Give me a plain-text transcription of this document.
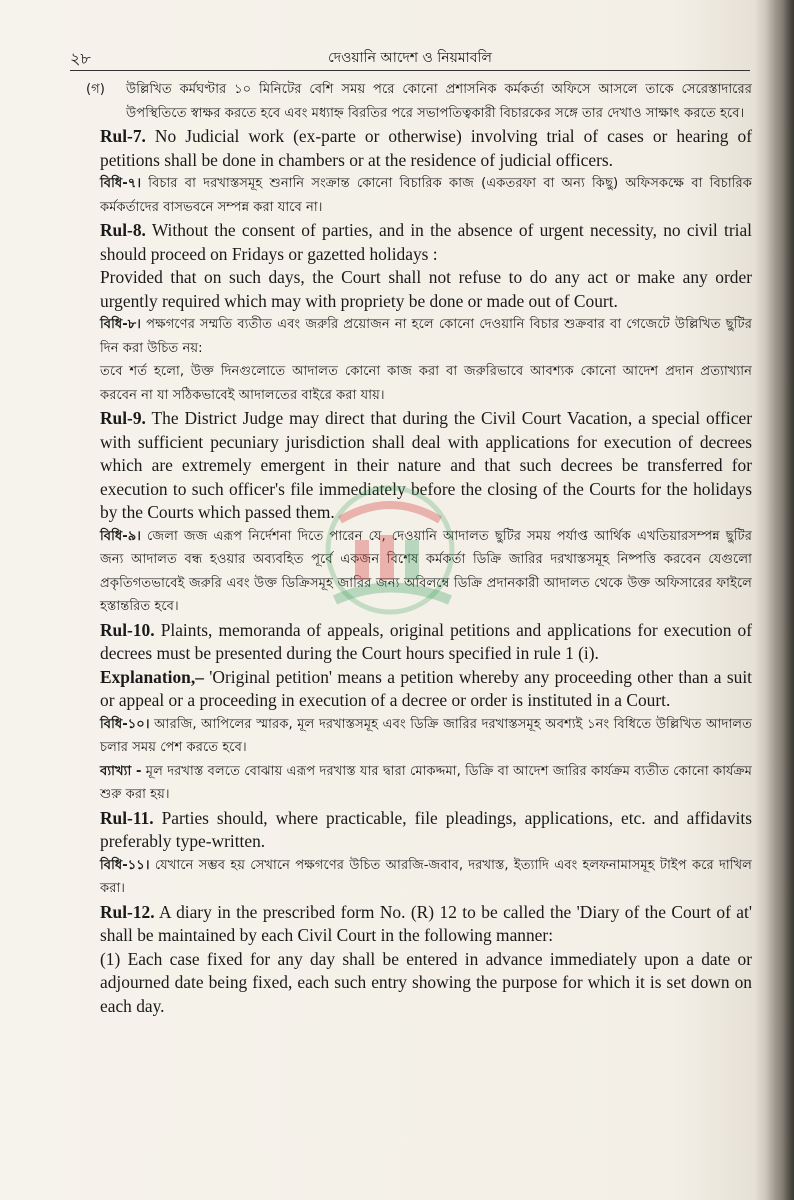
২৮	দেওয়ানি আদেশ ও নিয়মাবলি
(গ)	উল্লিখিত কর্মঘণ্টার ১০ মিনিটের বেশি সময় পরে কোনো প্রশাসনিক কর্মকর্তা অফিসে আসলে তাকে সেরেস্তাদারের উপস্থিতিতে স্বাক্ষর করতে হবে এবং মধ্যাহ্ন বিরতির পরে সভাপতিত্বকারী বিচারকের সঙ্গে তার দেখাও সাক্ষাৎ করতে হবে।

Rul-7. No Judicial work (ex-parte or otherwise) involving trial of cases or hearing of petitions shall be done in chambers or at the residence of judicial officers.

বিধি-৭। বিচার বা দরখাস্তসমূহ শুনানি সংক্রান্ত কোনো বিচারিক কাজ (একতরফা বা অন্য কিছু) অফিসকক্ষে বা বিচারিক কর্মকর্তাদের বাসভবনে সম্পন্ন করা যাবে না।

Rul-8. Without the consent of parties, and in the absence of urgent necessity, no civil trial should proceed on Fridays or gazetted holidays :

Provided that on such days, the Court shall not refuse to do any act or make any order urgently required which may with propriety be done or made out of Court.

বিধি-৮। পক্ষগণের সম্মতি ব্যতীত এবং জরুরি প্রয়োজন না হলে কোনো দেওয়ানি বিচার শুক্রবার বা গেজেটে উল্লিখিত ছুটির দিন করা উচিত নয়:

তবে শর্ত হলো, উক্ত দিনগুলোতে আদালত কোনো কাজ করা বা জরুরিভাবে আবশ্যক কোনো আদেশ প্রদান প্রত্যাখ্যান করবেন না যা সঠিকভাবেই আদালতের বাইরে করা যায়।

Rul-9. The District Judge may direct that during the Civil Court Vacation, a special officer with sufficient pecuniary jurisdiction shall deal with applications for execution of decrees which are extremely emergent in their nature and that such decrees be transferred for execution to such officer's file immediately before the closing of the Courts for the holidays by the Courts which passed them.

বিধি-৯। জেলা জজ এরূপ নির্দেশনা দিতে পারেন যে, দেওয়ানি আদালত ছুটির সময় পর্যাপ্ত আর্থিক এখতিয়ারসম্পন্ন ছুটির জন্য আদালত বন্ধ হওয়ার অব্যবহিত পূর্বে একজন বিশেষ কর্মকর্তা ডিক্রি জারির দরখাস্তসমূহ নিষ্পত্তি করবেন যেগুলো প্রকৃতিগতভাবেই জরুরি এবং উক্ত ডিক্রিসমূহ জারির জন্য অবিলম্বে ডিক্রি প্রদানকারী আদালত থেকে উক্ত অফিসারের ফাইলে হস্তান্তরিত হবে।

Rul-10. Plaints, memoranda of appeals, original petitions and applications for execution of decrees must be presented during the Court hours specified in rule 1 (i).

Explanation,– 'Original petition' means a petition whereby any proceeding other than a suit or appeal or a proceeding in execution of a decree or order is instituted in a Court.

বিধি-১০। আরজি, আপিলের স্মারক, মূল দরখাস্তসমূহ এবং ডিক্রি জারির দরখাস্তসমূহ অবশ্যই ১নং বিধিতে উল্লিখিত আদালত চলার সময় পেশ করতে হবে।

ব্যাখ্যা - মূল দরখাস্ত বলতে বোঝায় এরূপ দরখাস্ত যার দ্বারা মোকদ্দমা, ডিক্রি বা আদেশ জারির কার্যক্রম ব্যতীত কোনো কার্যক্রম শুরু করা হয়।

Rul-11. Parties should, where practicable, file pleadings, applications, etc. and affidavits preferably type-written.

বিধি-১১। যেখানে সম্ভব হয় সেখানে পক্ষগণের উচিত আরজি-জবাব, দরখাস্ত, ইত্যাদি এবং হলফনামাসমূহ টাইপ করে দাখিল করা।

Rul-12. A diary in the prescribed form No. (R) 12 to be called the 'Diary of the Court of at' shall be maintained by each Civil Court in the following manner:

(1) Each case fixed for any day shall be entered in advance immediately upon a date or adjourned date being fixed, each such entry showing the purpose for which it is set down on each day.
